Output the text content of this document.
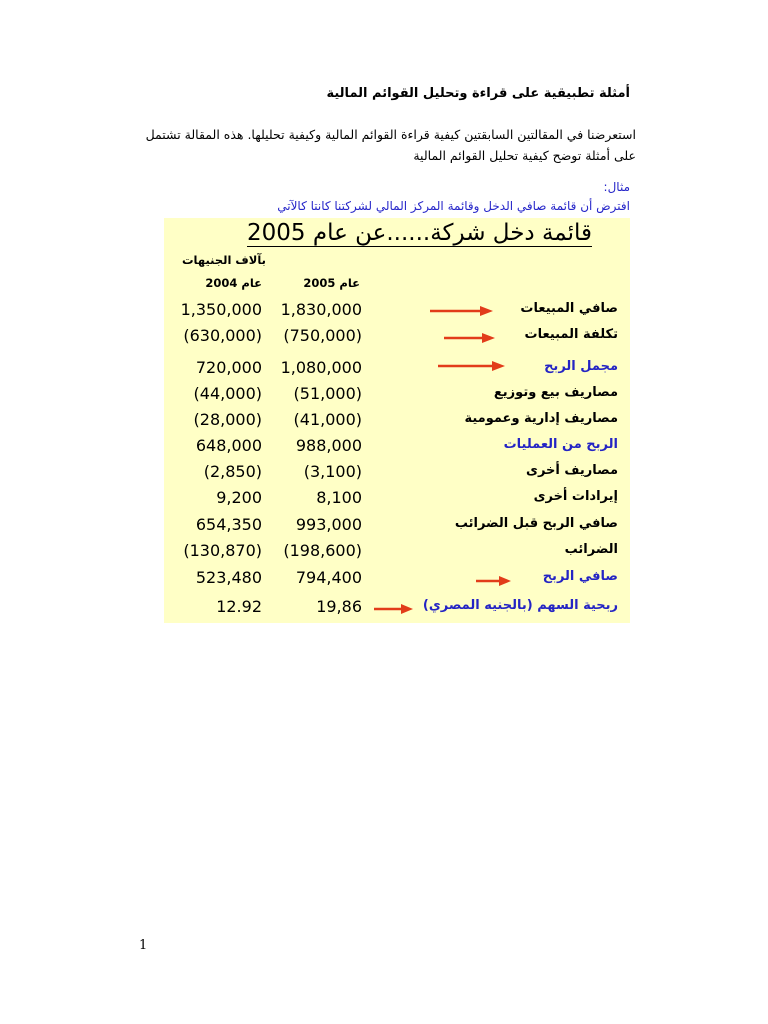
أمثلة تطبيقية على قراءة وتحليل القوائم المالية

استعرضنا في المقالتين السابقتين كيفية قراءة القوائم المالية وكيفية تحليلها. هذه المقالة تشتمل

على أمثلة توضح كيفية تحليل القوائم المالية

مثال:
افترض أن قائمة صافي الدخل وقائمة المركز المالي لشركتنا كانتا كالآتي
قائمة دخل شركة......عن عام 2005
بآلاف الجنيهات
عام 2005
عام 2004
1,350,000	1,830,000	صافي المبيعات
(630,000)	(750,000)	تكلفة المبيعات
720,000	1,080,000	مجمل الربح
(44,000)	(51,000)	مصاريف بيع وتوزيع
(28,000)	(41,000)	مصاريف إدارية وعمومية
648,000	988,000	الربح من العمليات
(2,850)	(3,100)	مصاريف أخرى
9,200	8,100	إيرادات أخرى
654,350	993,000	صافي الربح قبل الضرائب
(130,870)	(198,600)	الضرائب
523,480	794,400	صافي الربح
12.92	19,86	ربحية السهم (بالجنيه المصري)
1
